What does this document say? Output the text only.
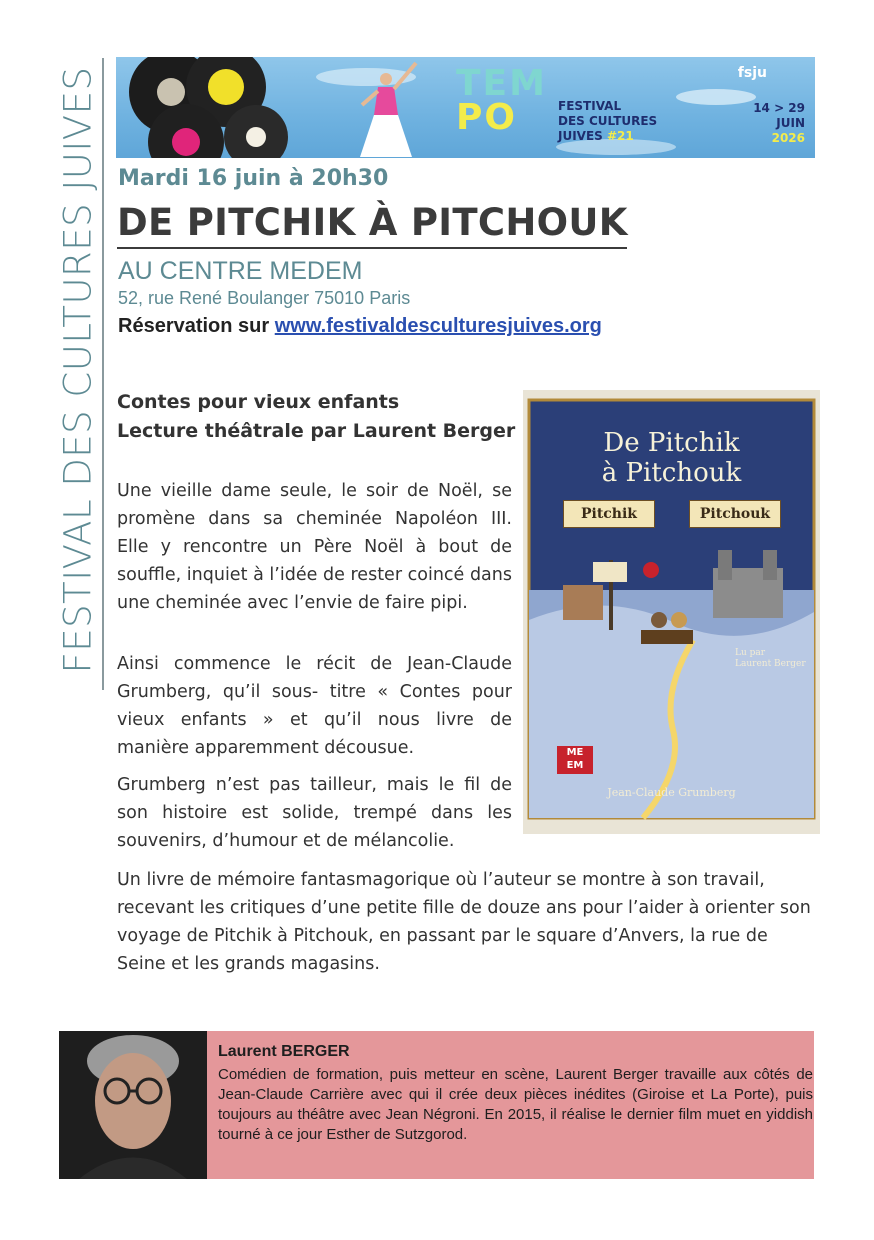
FESTIVAL DES CULTURES JUIVES	TEM
PO	FESTIVAL
DES CULTURES
JUIVES #21
fsju
14 > 29
JUIN
2026
Mardi 16 juin à 20h30
DE PITCHIK À PITCHOUK
AU CENTRE MEDEM
52, rue René Boulanger 75010 Paris
Réservation sur www.festivaldesculturesjuives.org
Contes pour vieux enfants
Lecture théâtrale par Laurent Berger

Une vieille dame seule, le soir de Noël, se promène dans sa cheminée Napoléon III. Elle y rencontre un Père Noël à bout de souffle, inquiet à l’idée de rester coincé dans une cheminée avec l’envie de faire pipi.

Ainsi commence le récit de Jean-Claude Grumberg, qu’il sous- titre « Contes pour vieux enfants » et qu’il nous livre de manière apparemment décousue.

Grumberg n’est pas tailleur, mais le fil de son histoire est solide, trempé dans les souvenirs, d’humour et de mélancolie.

Un livre de mémoire fantasmagorique où l’auteur se montre à son travail, recevant les critiques d’une petite fille de douze ans pour l’aider à orienter son voyage de Pitchik à Pitchouk, en passant par le square d’Anvers, la rue de Seine et les grands magasins.

De Pitchik
à Pitchouk
Pitchik	Pitchouk
Lu par
Laurent Berger
ME
EM
Jean-Claude Grumberg
Laurent BERGER

Comédien de formation, puis metteur en scène, Laurent Berger travaille aux côtés de Jean-Claude Carrière avec qui il crée deux pièces inédites (Giroise et La Porte), puis toujours au théâtre avec Jean Négroni. En 2015, il réalise le dernier film muet en yiddish tourné à ce jour Esther de Sutzgorod.
